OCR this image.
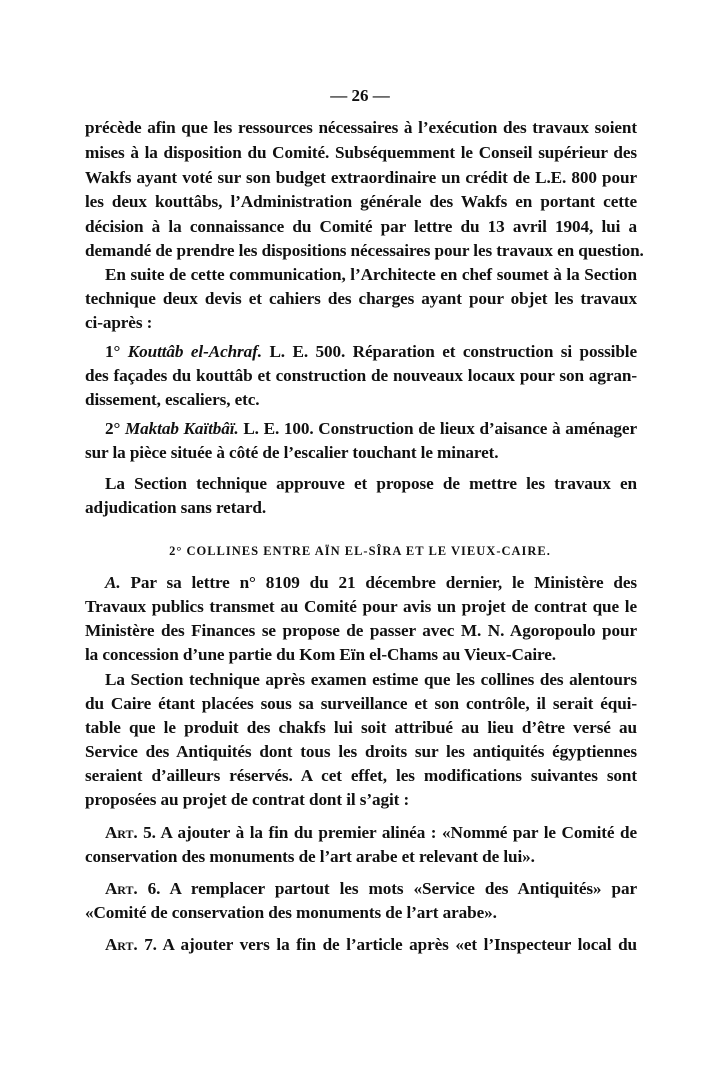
— 26 —
précède afin que les ressources nécessaires à l’exécution des travaux soient
mises à la disposition du Comité. Subséquemment le Conseil supérieur des
Wakfs ayant voté sur son budget extraordinaire un crédit de L.E. 800 pour
les deux kouttâbs, l’Administration générale des Wakfs en portant cette
décision à la connaissance du Comité par lettre du 13 avril 1904, lui a
demandé de prendre les dispositions nécessaires pour les travaux en question.
En suite de cette communication, l’Architecte en chef soumet à la Section
technique deux devis et cahiers des charges ayant pour objet les travaux
ci-après :
1° Kouttâb el-Achraf. L. E. 500. Réparation et construction si possible
des façades du kouttâb et construction de nouveaux locaux pour son agran-
dissement, escaliers, etc.
2° Maktab Kaïtbâï. L. E. 100. Construction de lieux d’aisance à aménager
sur la pièce située à côté de l’escalier touchant le minaret.
La Section technique approuve et propose de mettre les travaux en
adjudication sans retard.
2° COLLINES ENTRE AÏN EL-SÎRA ET LE VIEUX-CAIRE.
A. Par sa lettre n° 8109 du 21 décembre dernier, le Ministère des
Travaux publics transmet au Comité pour avis un projet de contrat que le
Ministère des Finances se propose de passer avec M. N. Agoropoulo pour
la concession d’une partie du Kom Eïn el-Chams au Vieux-Caire.
La Section technique après examen estime que les collines des alentours
du Caire étant placées sous sa surveillance et son contrôle, il serait équi-
table que le produit des chakfs lui soit attribué au lieu d’être versé au
Service des Antiquités dont tous les droits sur les antiquités égyptiennes
seraient d’ailleurs réservés. A cet effet, les modifications suivantes sont
proposées au projet de contrat dont il s’agit :
Art. 5. A ajouter à la fin du premier alinéa : «Nommé par le Comité de
conservation des monuments de l’art arabe et relevant de lui».
Art. 6. A remplacer partout les mots «Service des Antiquités» par
«Comité de conservation des monuments de l’art arabe».
Art. 7. A ajouter vers la fin de l’article après «et l’Inspecteur local du
